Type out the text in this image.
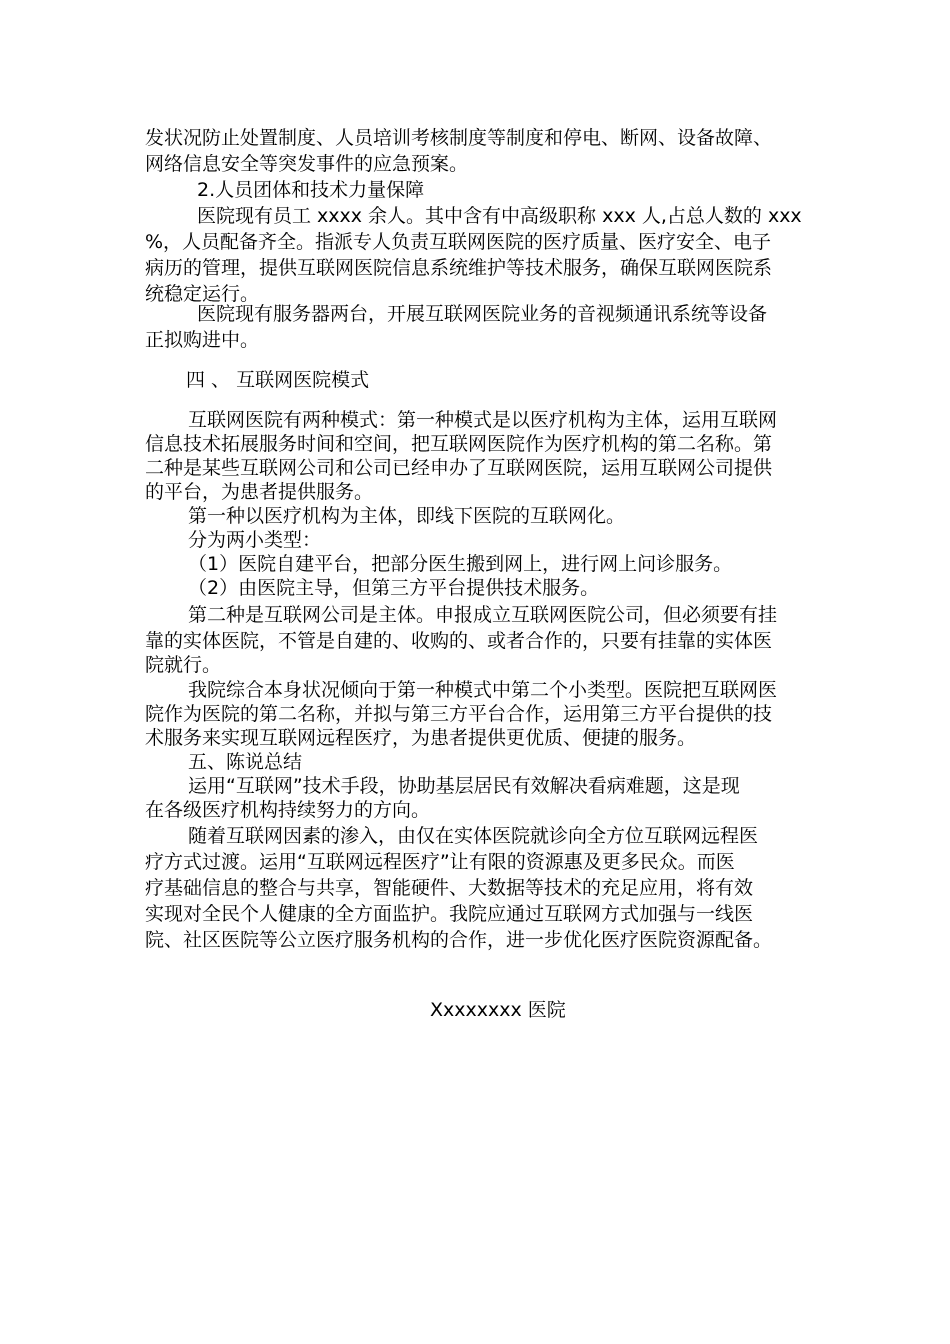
发状况防止处置制度、人员培训考核制度等制度和停电、断网、设备故障、
网络信息安全等突发事件的应急预案。
2.人员团体和技术力量保障
医院现有员工 xxxx 余人。其中含有中高级职称 xxx 人,占总人数的 xxx
%，人员配备齐全。指派专人负责互联网医院的医疗质量、医疗安全、电子
病历的管理，提供互联网医院信息系统维护等技术服务，确保互联网医院系
统稳定运行。
医院现有服务器两台，开展互联网医院业务的音视频通讯系统等设备
正拟购进中。
四 、 互联网医院模式
互联网医院有两种模式：第一种模式是以医疗机构为主体，运用互联网
信息技术拓展服务时间和空间，把互联网医院作为医疗机构的第二名称。第
二种是某些互联网公司和公司已经申办了互联网医院，运用互联网公司提供
的平台，为患者提供服务。
第一种以医疗机构为主体，即线下医院的互联网化。
分为两小类型：
（1）医院自建平台，把部分医生搬到网上，进行网上问诊服务。
（2）由医院主导，但第三方平台提供技术服务。
第二种是互联网公司是主体。申报成立互联网医院公司，但必须要有挂
靠的实体医院，不管是自建的、收购的、或者合作的，只要有挂靠的实体医
院就行。
我院综合本身状况倾向于第一种模式中第二个小类型。医院把互联网医
院作为医院的第二名称，并拟与第三方平台合作，运用第三方平台提供的技
术服务来实现互联网远程医疗，为患者提供更优质、便捷的服务。
五、陈说总结
运用“互联网”技术手段，协助基层居民有效解决看病难题，这是现
在各级医疗机构持续努力的方向。
随着互联网因素的渗入，由仅在实体医院就诊向全方位互联网远程医
疗方式过渡。运用“互联网远程医疗”让有限的资源惠及更多民众。而医
疗基础信息的整合与共享，智能硬件、大数据等技术的充足应用，将有效
实现对全民个人健康的全方面监护。我院应通过互联网方式加强与一线医
院、社区医院等公立医疗服务机构的合作，进一步优化医疗医院资源配备。
Xxxxxxxx 医院
